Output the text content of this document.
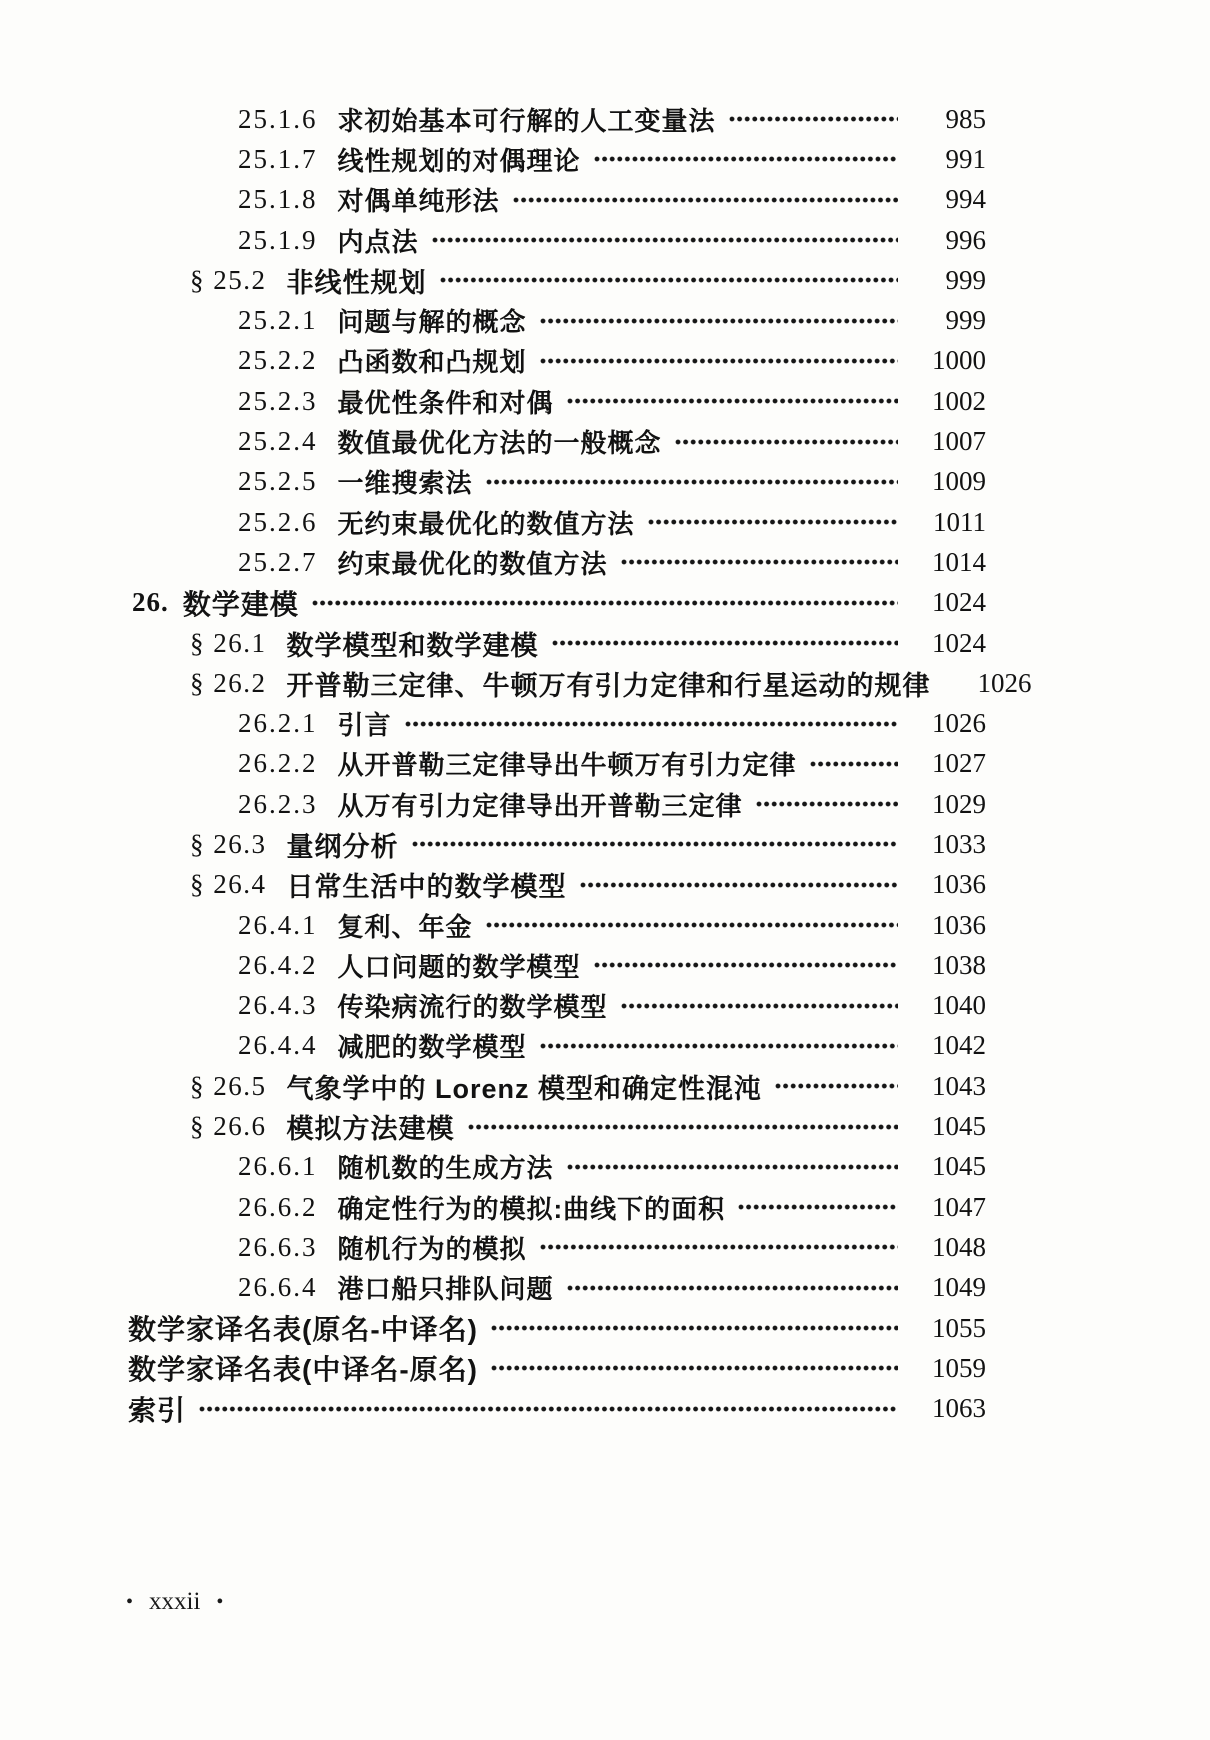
25.1.6 求初始基本可行解的人工变量法	985
25.1.7 线性规划的对偶理论	991
25.1.8 对偶单纯形法	994
25.1.9 内点法	996
§ 25.2 非线性规划	999
25.2.1 问题与解的概念	999
25.2.2 凸函数和凸规划	1000
25.2.3 最优性条件和对偶	1002
25.2.4 数值最优化方法的一般概念	1007
25.2.5 一维搜索法	1009
25.2.6 无约束最优化的数值方法	1011
25.2.7 约束最优化的数值方法	1014
26. 数学建模	1024
§ 26.1 数学模型和数学建模	1024
§ 26.2 开普勒三定律、牛顿万有引力定律和行星运动的规律	1026
26.2.1 引言	1026
26.2.2 从开普勒三定律导出牛顿万有引力定律	1027
26.2.3 从万有引力定律导出开普勒三定律	1029
§ 26.3 量纲分析	1033
§ 26.4 日常生活中的数学模型	1036
26.4.1 复利、年金	1036
26.4.2 人口问题的数学模型	1038
26.4.3 传染病流行的数学模型	1040
26.4.4 减肥的数学模型	1042
§ 26.5 气象学中的 Lorenz 模型和确定性混沌	1043
§ 26.6 模拟方法建模	1045
26.6.1 随机数的生成方法	1045
26.6.2 确定性行为的模拟:曲线下的面积	1047
26.6.3 随机行为的模拟	1048
26.6.4 港口船只排队问题	1049
数学家译名表(原名-中译名)	1055
数学家译名表(中译名-原名)	1059
索引	1063
• xxxii •
